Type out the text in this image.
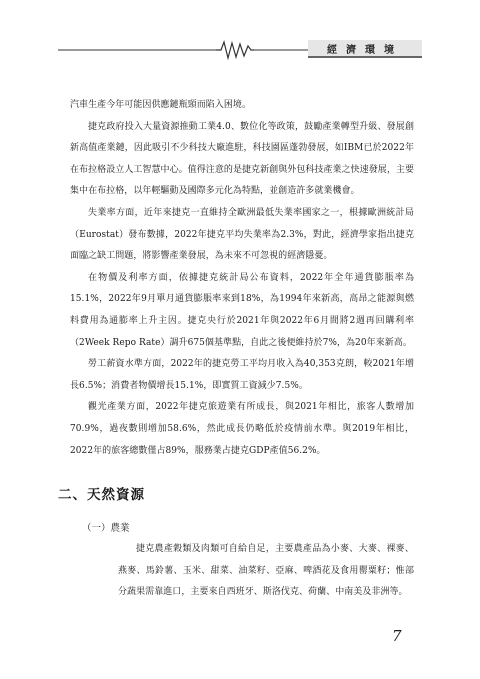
經濟環境

汽車生產今年可能因供應鏈瓶頸而陷入困境。

捷克政府投入大量資源推動工業4.0、數位化等政策，鼓勵產業轉型升級、發展創新高值產業鏈，因此吸引不少科技大廠進駐，科技園區蓬勃發展，如IBM已於2022年在布拉格設立人工智慧中心。值得注意的是捷克新創與外包科技產業之快速發展，主要集中在布拉格，以年輕驅動及國際多元化為特點，並創造許多就業機會。

失業率方面，近年來捷克一直維持全歐洲最低失業率國家之一，根據歐洲統計局（Eurostat）發布數據，2022年捷克平均失業率為2.3%，對此，經濟學家指出捷克面臨之缺工問題，將影響產業發展，為未來不可忽視的經濟隱憂。

在物價及利率方面，依據捷克統計局公布資料，2022年全年通貨膨脹率為15.1%，2022年9月單月通貨膨脹率來到18%，為1994年來新高，高昂之能源與燃料費用為通膨率上升主因。捷克央行於2021年與2022年6月間將2週再回購利率（2Week Repo Rate）調升675個基準點，自此之後便維持於7%，為20年來新高。

勞工薪資水準方面，2022年的捷克勞工平均月收入為40,353克朗，較2021年增長6.5%；消費者物價增長15.1%，即實質工資減少7.5%。

觀光產業方面，2022年捷克旅遊業有所成長，與2021年相比，旅客人數增加70.9%，過夜數則增加58.6%，然此成長仍略低於疫情前水準。與2019年相比，2022年的旅客總數僅占89%，服務業占捷克GDP產值56.2%。

二、天然資源
（一）農業

捷克農產穀類及肉類可自給自足，主要農產品為小麥、大麥、裸麥、燕麥、馬鈴薯、玉米、甜菜、油菜籽、亞麻、啤酒花及食用罌粟籽；惟部分蔬果需靠進口，主要來自西班牙、斯洛伐克、荷蘭、中南美及非洲等。

7
